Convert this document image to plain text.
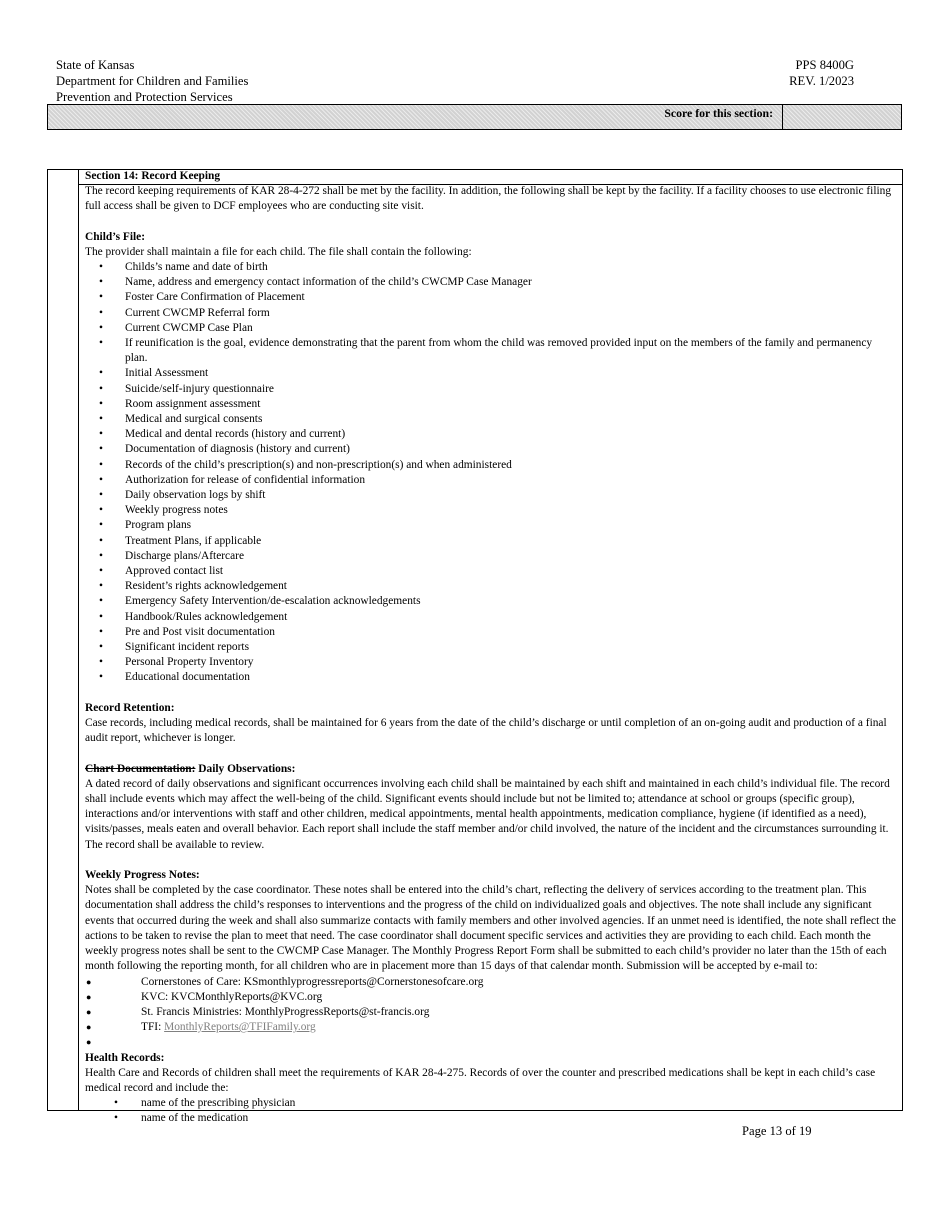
State of Kansas
Department for Children and Families
Prevention and Protection Services
PPS 8400G
REV. 1/2023
Score for this section:
Section 14: Record Keeping

The record keeping requirements of KAR 28-4-272 shall be met by the facility. In addition, the following shall be kept by the facility. If a facility chooses to use electronic filing full access shall be given to DCF employees who are conducting site visit.

Child’s File:

The provider shall maintain a file for each child. The file shall contain the following:

• Childs’s name and date of birth
• Name, address and emergency contact information of the child’s CWCMP Case Manager
• Foster Care Confirmation of Placement
• Current CWCMP Referral form
• Current CWCMP Case Plan
• If reunification is the goal, evidence demonstrating that the parent from whom the child was removed provided input on the members of the family and permanency plan.
• Initial Assessment
• Suicide/self-injury questionnaire
• Room assignment assessment
• Medical and surgical consents
• Medical and dental records (history and current)
• Documentation of diagnosis (history and current)
• Records of the child’s prescription(s) and non-prescription(s) and when administered
• Authorization for release of confidential information
• Daily observation logs by shift
• Weekly progress notes
• Program plans
• Treatment Plans, if applicable
• Discharge plans/Aftercare
• Approved contact list
• Resident’s rights acknowledgement
• Emergency Safety Intervention/de-escalation acknowledgements
• Handbook/Rules acknowledgement
• Pre and Post visit documentation
• Significant incident reports
• Personal Property Inventory
• Educational documentation

Record Retention:

Case records, including medical records, shall be maintained for 6 years from the date of the child’s discharge or until completion of an on-going audit and production of a final audit report, whichever is longer.

Chart Documentation: Daily Observations:

A dated record of daily observations and significant occurrences involving each child shall be maintained by each shift and maintained in each child’s individual file. The record shall include events which may affect the well-being of the child. Significant events should include but not be limited to; attendance at school or groups (specific group), interactions and/or interventions with staff and other children, medical appointments, mental health appointments, medication compliance, hygiene (if identified as a need), visits/passes, meals eaten and overall behavior. Each report shall include the staff member and/or child involved, the nature of the incident and the circumstances surrounding it. The record shall be available to review.

Weekly Progress Notes:

Notes shall be completed by the case coordinator. These notes shall be entered into the child’s chart, reflecting the delivery of services according to the treatment plan. This documentation shall address the child’s responses to interventions and the progress of the child on individualized goals and objectives. The note shall include any significant events that occurred during the week and shall also summarize contacts with family members and other involved agencies. If an unmet need is identified, the note shall reflect the actions to be taken to revise the plan to meet that need. The case coordinator shall document specific services and activities they are providing to each child. Each month the weekly progress notes shall be sent to the CWCMP Case Manager. The Monthly Progress Report Form shall be submitted to each child’s provider no later than the 15th of each month following the reporting month, for all children who are in placement more than 15 days of that calendar month. Submission will be accepted by e-mail to:

●	Cornerstones of Care: KSmonthlyprogressreports@Cornerstonesofcare.org
●	KVC: KVCMonthlyReports@KVC.org
●	St. Francis Ministries: MonthlyProgressReports@st-francis.org
●	TFI: MonthlyReports@TFIFamily.org
●

Health Records:

Health Care and Records of children shall meet the requirements of KAR 28-4-275. Records of over the counter and prescribed medications shall be kept in each child’s case medical record and include the:

• name of the prescribing physician
• name of the medication
Page 13 of 19
